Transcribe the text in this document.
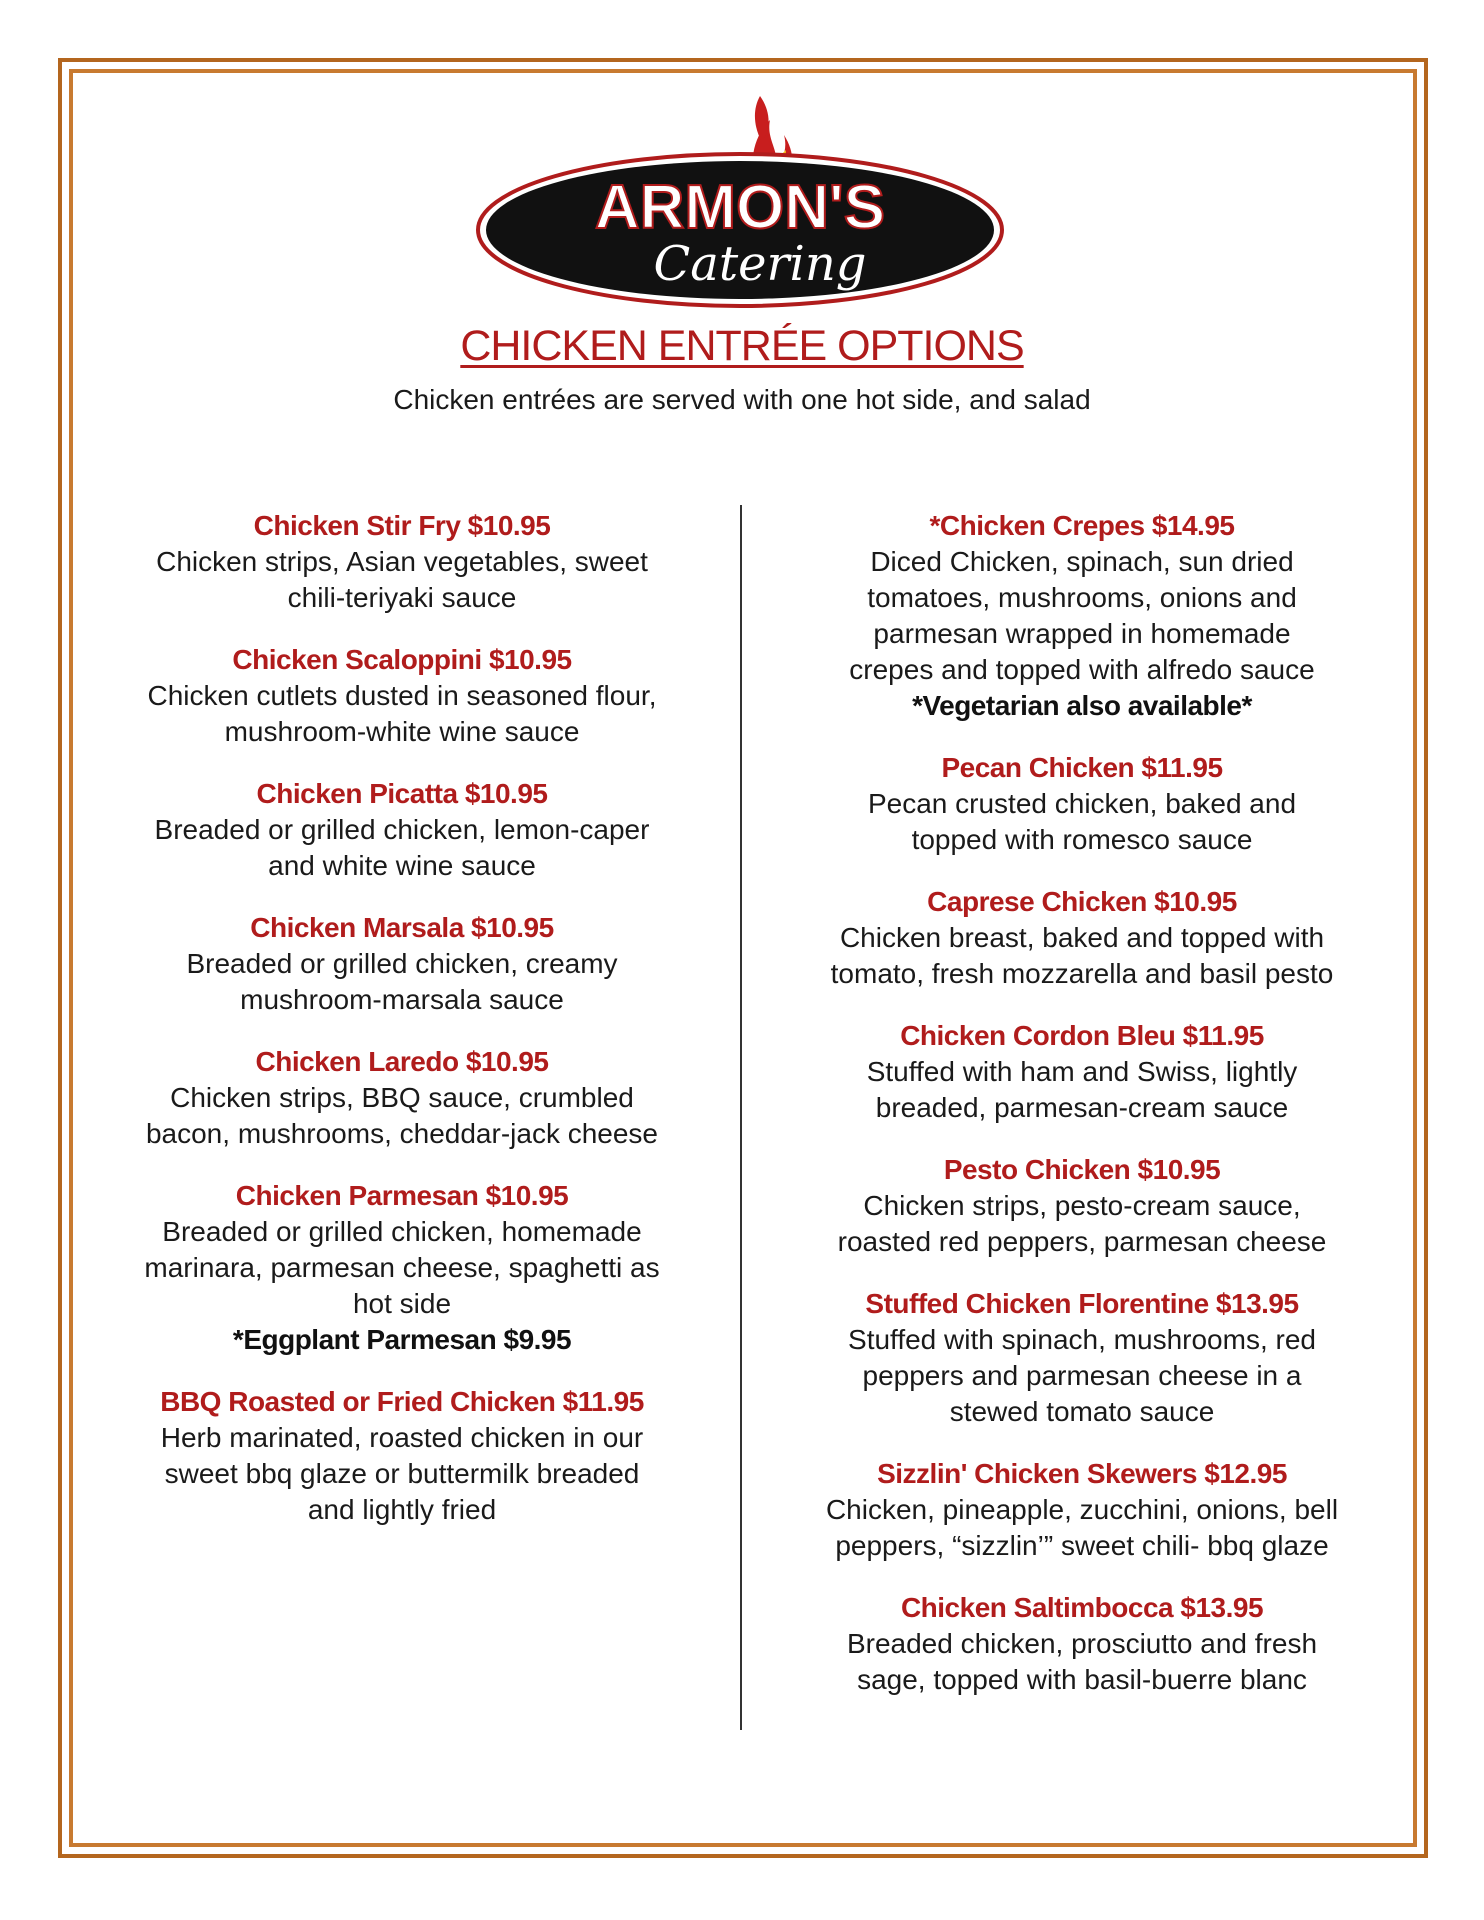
ARMON'S
Catering
CHICKEN ENTRÉE OPTIONS
Chicken entrées are served with one hot side, and salad
Chicken Stir Fry $10.95
Chicken strips, Asian vegetables, sweet
chili-teriyaki sauce
Chicken Scaloppini $10.95
Chicken cutlets dusted in seasoned flour,
mushroom-white wine sauce
Chicken Picatta $10.95
Breaded or grilled chicken, lemon-caper
and white wine sauce
Chicken Marsala $10.95
Breaded or grilled chicken, creamy
mushroom-marsala sauce
Chicken Laredo $10.95
Chicken strips, BBQ sauce, crumbled
bacon, mushrooms, cheddar-jack cheese
Chicken Parmesan $10.95
Breaded or grilled chicken, homemade
marinara, parmesan cheese, spaghetti as
hot side
*Eggplant Parmesan $9.95
BBQ Roasted or Fried Chicken $11.95
Herb marinated, roasted chicken in our
sweet bbq glaze or buttermilk breaded
and lightly fried
*Chicken Crepes $14.95
Diced Chicken, spinach, sun dried
tomatoes, mushrooms, onions and
parmesan wrapped in homemade
crepes and topped with alfredo sauce
*Vegetarian also available*
Pecan Chicken $11.95
Pecan crusted chicken, baked and
topped with romesco sauce
Caprese Chicken $10.95
Chicken breast, baked and topped with
tomato, fresh mozzarella and basil pesto
Chicken Cordon Bleu $11.95
Stuffed with ham and Swiss, lightly
breaded, parmesan-cream sauce
Pesto Chicken $10.95
Chicken strips, pesto-cream sauce,
roasted red peppers, parmesan cheese
Stuffed Chicken Florentine $13.95
Stuffed with spinach, mushrooms, red
peppers and parmesan cheese in a
stewed tomato sauce
Sizzlin' Chicken Skewers $12.95
Chicken, pineapple, zucchini, onions, bell
peppers, “sizzlin’” sweet chili- bbq glaze
Chicken Saltimbocca $13.95
Breaded chicken, prosciutto and fresh
sage, topped with basil-buerre blanc
